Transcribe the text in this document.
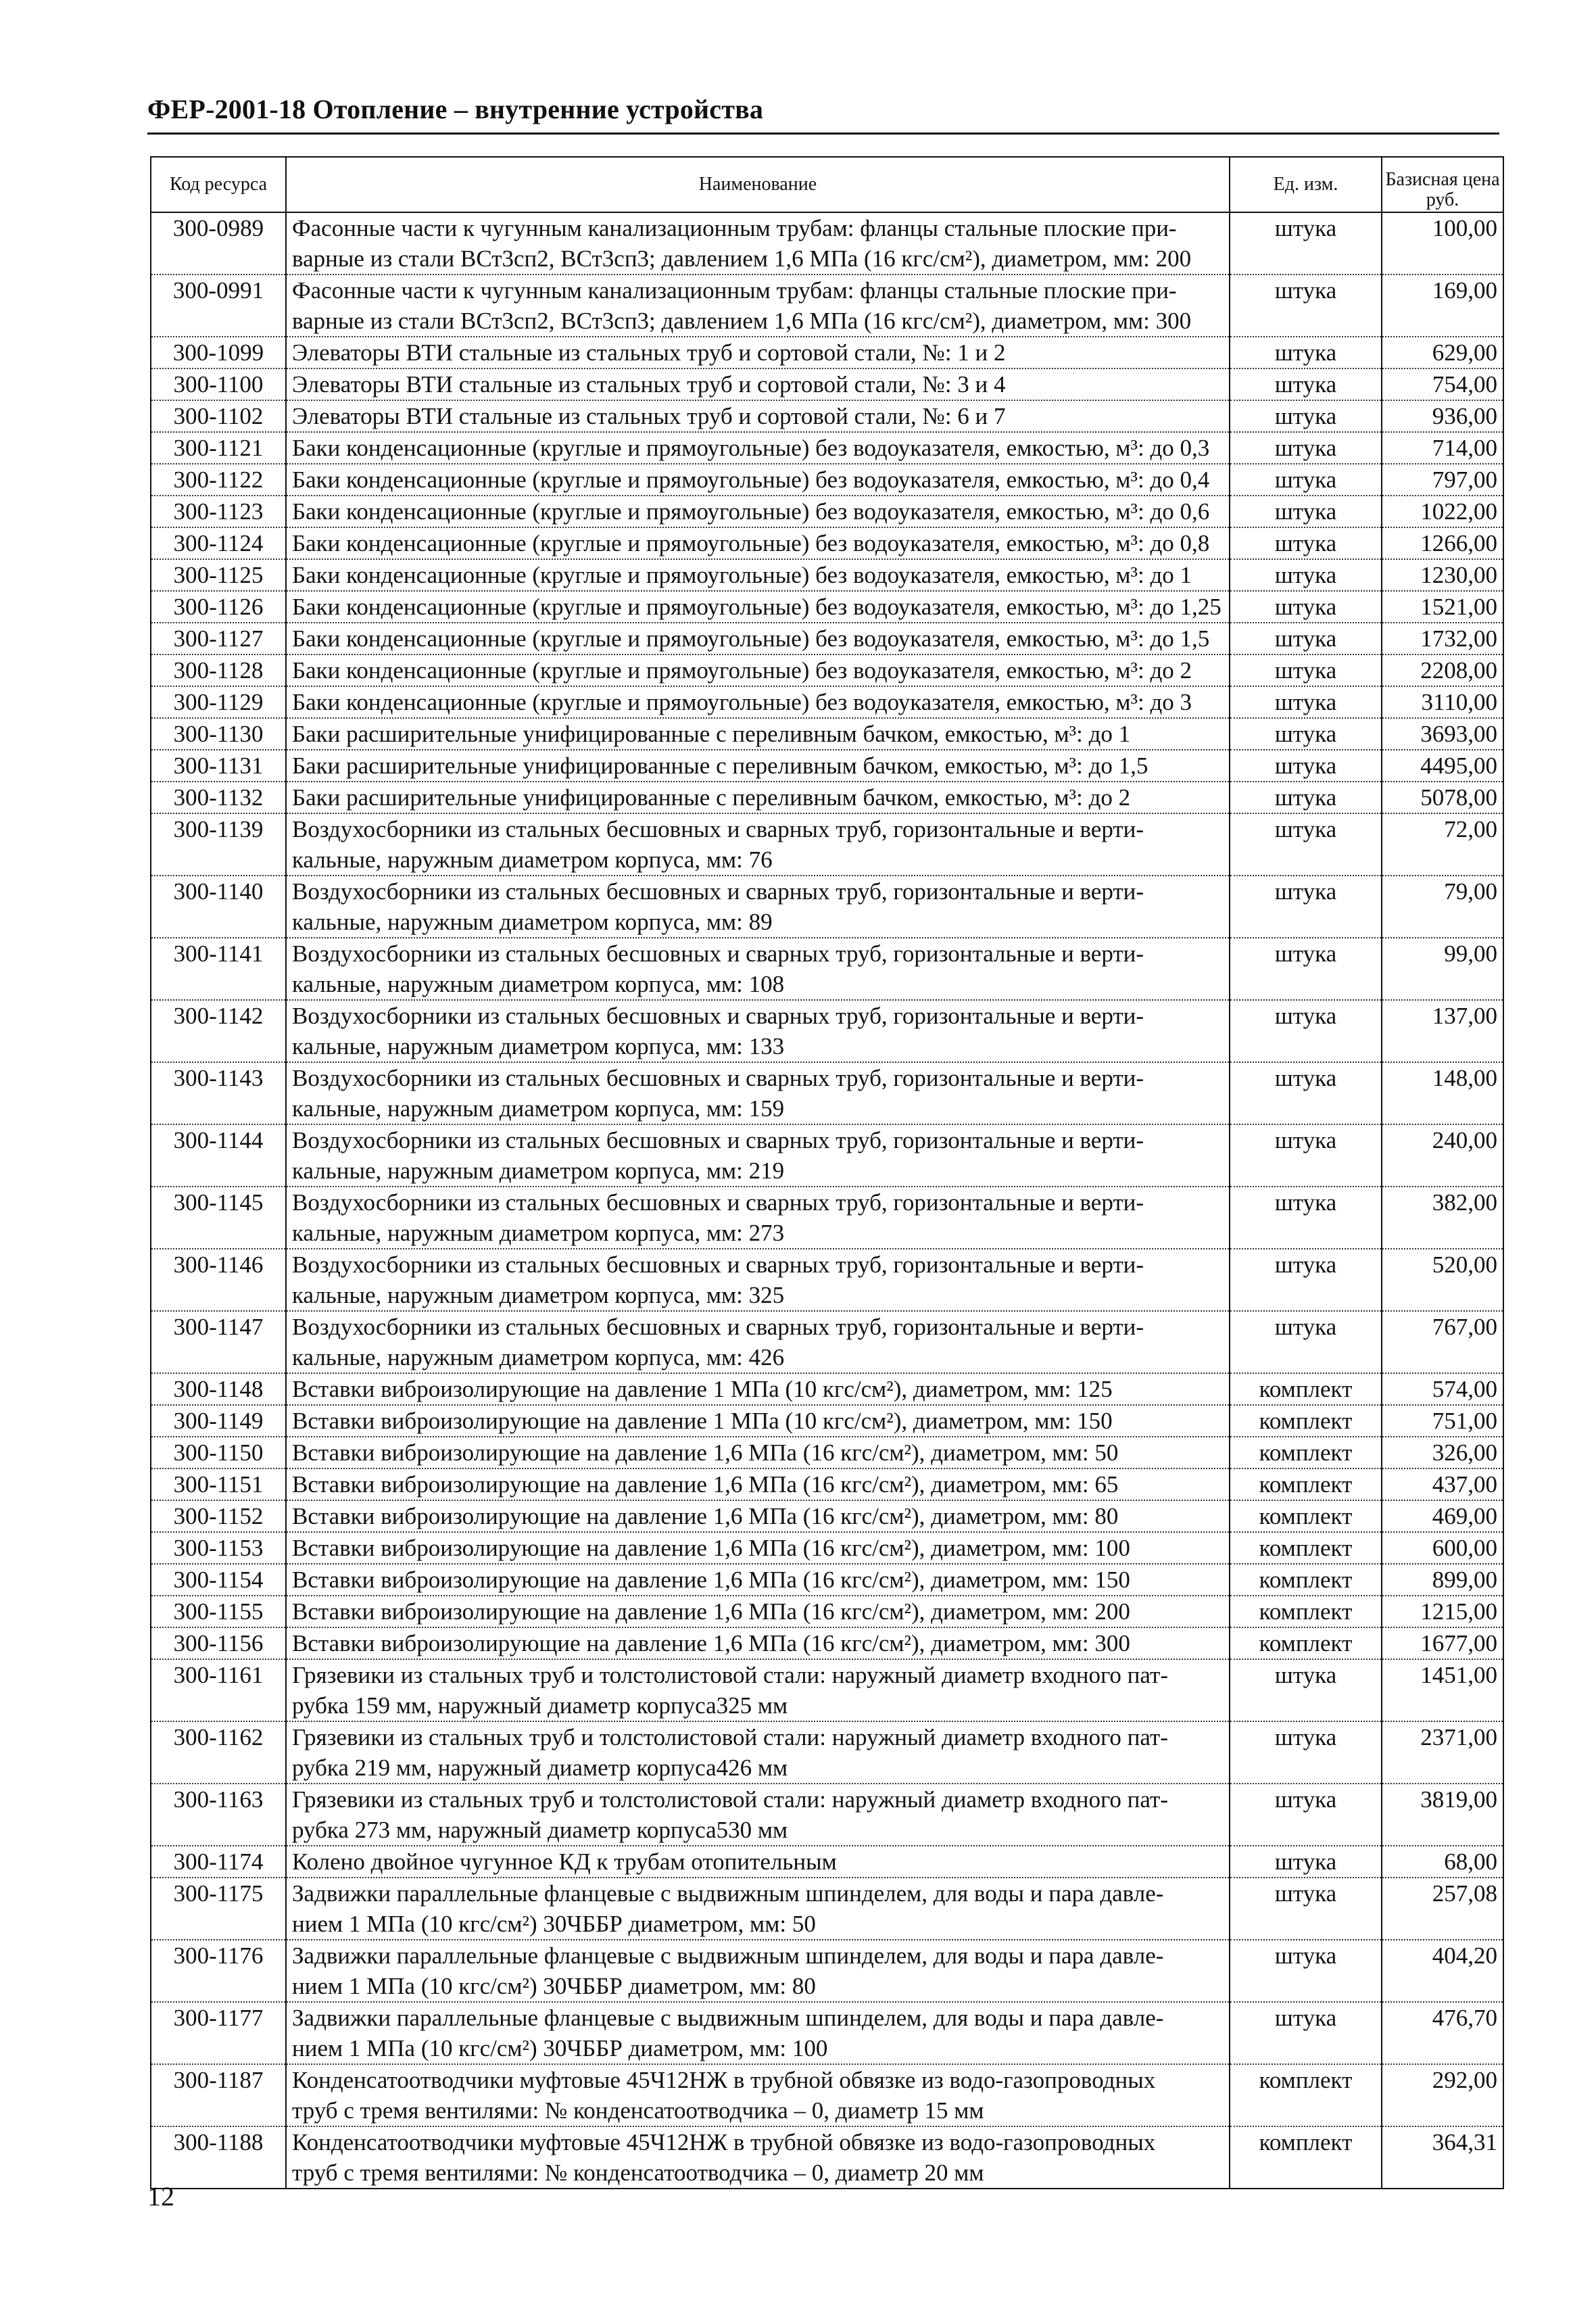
ФЕР-2001-18 Отопление – внутренние устройства
Код ресурса	Наименование	Ед. изм.	Базисная цена руб.
300-0989	Фасонные части к чугунным канализационным трубам: фланцы стальные плоские при-
варные из стали ВСт3сп2, ВСт3сп3; давлением 1,6 МПа (16 кгс/см²), диаметром, мм: 200	штука	100,00
300-0991	Фасонные части к чугунным канализационным трубам: фланцы стальные плоские при-
варные из стали ВСт3сп2, ВСт3сп3; давлением 1,6 МПа (16 кгс/см²), диаметром, мм: 300	штука	169,00
300-1099	Элеваторы ВТИ стальные из стальных труб и сортовой стали, №: 1 и 2	штука	629,00
300-1100	Элеваторы ВТИ стальные из стальных труб и сортовой стали, №: 3 и 4	штука	754,00
300-1102	Элеваторы ВТИ стальные из стальных труб и сортовой стали, №: 6 и 7	штука	936,00
300-1121	Баки конденсационные (круглые и прямоугольные) без водоуказателя, емкостью, м³: до 0,3	штука	714,00
300-1122	Баки конденсационные (круглые и прямоугольные) без водоуказателя, емкостью, м³: до 0,4	штука	797,00
300-1123	Баки конденсационные (круглые и прямоугольные) без водоуказателя, емкостью, м³: до 0,6	штука	1022,00
300-1124	Баки конденсационные (круглые и прямоугольные) без водоуказателя, емкостью, м³: до 0,8	штука	1266,00
300-1125	Баки конденсационные (круглые и прямоугольные) без водоуказателя, емкостью, м³: до 1	штука	1230,00
300-1126	Баки конденсационные (круглые и прямоугольные) без водоуказателя, емкостью, м³: до 1,25	штука	1521,00
300-1127	Баки конденсационные (круглые и прямоугольные) без водоуказателя, емкостью, м³: до 1,5	штука	1732,00
300-1128	Баки конденсационные (круглые и прямоугольные) без водоуказателя, емкостью, м³: до 2	штука	2208,00
300-1129	Баки конденсационные (круглые и прямоугольные) без водоуказателя, емкостью, м³: до 3	штука	3110,00
300-1130	Баки расширительные унифицированные с переливным бачком, емкостью, м³: до 1	штука	3693,00
300-1131	Баки расширительные унифицированные с переливным бачком, емкостью, м³: до 1,5	штука	4495,00
300-1132	Баки расширительные унифицированные с переливным бачком, емкостью, м³: до 2	штука	5078,00
300-1139	Воздухосборники из стальных бесшовных и сварных труб, горизонтальные и верти-
кальные, наружным диаметром корпуса, мм: 76	штука	72,00
300-1140	Воздухосборники из стальных бесшовных и сварных труб, горизонтальные и верти-
кальные, наружным диаметром корпуса, мм: 89	штука	79,00
300-1141	Воздухосборники из стальных бесшовных и сварных труб, горизонтальные и верти-
кальные, наружным диаметром корпуса, мм: 108	штука	99,00
300-1142	Воздухосборники из стальных бесшовных и сварных труб, горизонтальные и верти-
кальные, наружным диаметром корпуса, мм: 133	штука	137,00
300-1143	Воздухосборники из стальных бесшовных и сварных труб, горизонтальные и верти-
кальные, наружным диаметром корпуса, мм: 159	штука	148,00
300-1144	Воздухосборники из стальных бесшовных и сварных труб, горизонтальные и верти-
кальные, наружным диаметром корпуса, мм: 219	штука	240,00
300-1145	Воздухосборники из стальных бесшовных и сварных труб, горизонтальные и верти-
кальные, наружным диаметром корпуса, мм: 273	штука	382,00
300-1146	Воздухосборники из стальных бесшовных и сварных труб, горизонтальные и верти-
кальные, наружным диаметром корпуса, мм: 325	штука	520,00
300-1147	Воздухосборники из стальных бесшовных и сварных труб, горизонтальные и верти-
кальные, наружным диаметром корпуса, мм: 426	штука	767,00
300-1148	Вставки виброизолирующие на давление 1 МПа (10 кгс/см²), диаметром, мм: 125	комплект	574,00
300-1149	Вставки виброизолирующие на давление 1 МПа (10 кгс/см²), диаметром, мм: 150	комплект	751,00
300-1150	Вставки виброизолирующие на давление 1,6 МПа (16 кгс/см²), диаметром, мм: 50	комплект	326,00
300-1151	Вставки виброизолирующие на давление 1,6 МПа (16 кгс/см²), диаметром, мм: 65	комплект	437,00
300-1152	Вставки виброизолирующие на давление 1,6 МПа (16 кгс/см²), диаметром, мм: 80	комплект	469,00
300-1153	Вставки виброизолирующие на давление 1,6 МПа (16 кгс/см²), диаметром, мм: 100	комплект	600,00
300-1154	Вставки виброизолирующие на давление 1,6 МПа (16 кгс/см²), диаметром, мм: 150	комплект	899,00
300-1155	Вставки виброизолирующие на давление 1,6 МПа (16 кгс/см²), диаметром, мм: 200	комплект	1215,00
300-1156	Вставки виброизолирующие на давление 1,6 МПа (16 кгс/см²), диаметром, мм: 300	комплект	1677,00
300-1161	Грязевики из стальных труб и толстолистовой стали: наружный диаметр входного пат-
рубка 159 мм, наружный диаметр корпуса325 мм	штука	1451,00
300-1162	Грязевики из стальных труб и толстолистовой стали: наружный диаметр входного пат-
рубка 219 мм, наружный диаметр корпуса426 мм	штука	2371,00
300-1163	Грязевики из стальных труб и толстолистовой стали: наружный диаметр входного пат-
рубка 273 мм, наружный диаметр корпуса530 мм	штука	3819,00
300-1174	Колено двойное чугунное КД к трубам отопительным	штука	68,00
300-1175	Задвижки параллельные фланцевые с выдвижным шпинделем, для воды и пара давле-
нием 1 МПа (10 кгс/см²) 30ЧББР диаметром, мм: 50	штука	257,08
300-1176	Задвижки параллельные фланцевые с выдвижным шпинделем, для воды и пара давле-
нием 1 МПа (10 кгс/см²) 30ЧББР диаметром, мм: 80	штука	404,20
300-1177	Задвижки параллельные фланцевые с выдвижным шпинделем, для воды и пара давле-
нием 1 МПа (10 кгс/см²) 30ЧББР диаметром, мм: 100	штука	476,70
300-1187	Конденсатоотводчики муфтовые 45Ч12НЖ в трубной обвязке из водо-газопроводных
труб с тремя вентилями: № конденсатоотводчика – 0, диаметр 15 мм	комплект	292,00
300-1188	Конденсатоотводчики муфтовые 45Ч12НЖ в трубной обвязке из водо-газопроводных
труб с тремя вентилями: № конденсатоотводчика – 0, диаметр 20 мм	комплект	364,31
12
